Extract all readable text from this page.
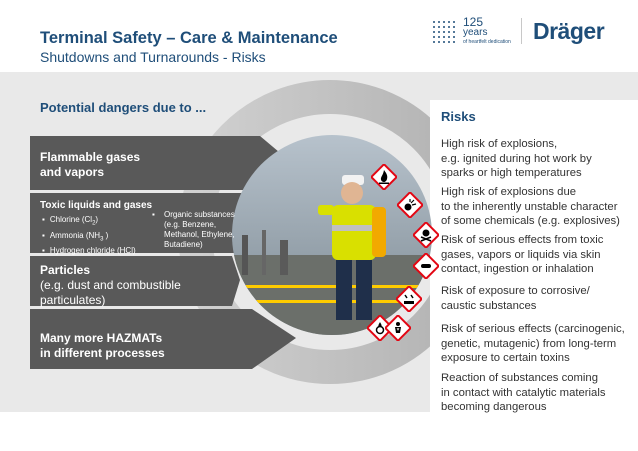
Terminal Safety – Care & Maintenance
Shutdowns and Turnarounds - Risks
125
years
of heartfelt dedication Dräger
Potential dangers due to ...
Flammable gases
and vapors
Toxic liquids and gases
▪ Chlorine $(Cl_2)$
▪ Ammonia ($NH_3$ )
▪ Hydrogen chloride (HCl)
▪	Organic substances
(e.g. Benzene,
Methanol, Ethylene,
Butadiene)
Particles
(e.g. dust and combustible
particulates)
Many more HAZMATs
in different processes
Risks
High risk of explosions,
e.g. ignited during hot work by
sparks or high temperatures
High risk of explosions due
to the inherently unstable character
of some chemicals (e.g. explosives)
Risk of serious effects from toxic
gases, vapors or liquids via skin
contact, ingestion or inhalation
Risk of exposure to corrosive/
caustic substances
Risk of serious effects (carcinogenic,
genetic, mutagenic) from long-term
exposure to certain toxins
Reaction of substances coming
in contact with catalytic materials
becoming dangerous
